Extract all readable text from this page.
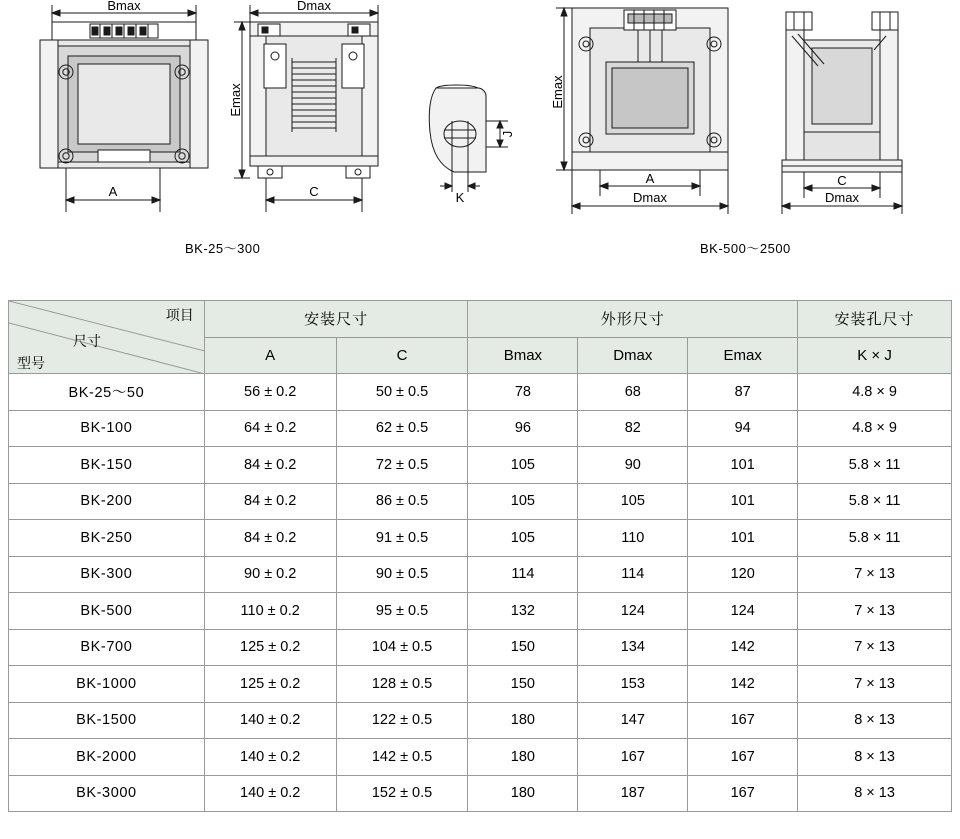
Bmax
A
Dmax
Emax
C
J
K
Emax
A
Dmax
C
Dmax
BK-25～300	BK-500～2500
项目
尺寸
型号	安装尺寸		外形尺寸			安装孔尺寸
	A	C	Bmax	Dmax	Emax	K × J
BK-25～50	56 ± 0.2	50 ± 0.5	78	68	87	4.8 × 9
BK-100	64 ± 0.2	62 ± 0.5	96	82	94	4.8 × 9
BK-150	84 ± 0.2	72 ± 0.5	105	90	101	5.8 × 11
BK-200	84 ± 0.2	86 ± 0.5	105	105	101	5.8 × 11
BK-250	84 ± 0.2	91 ± 0.5	105	110	101	5.8 × 11
BK-300	90 ± 0.2	90 ± 0.5	114	114	120	7 × 13
BK-500	110 ± 0.2	95 ± 0.5	132	124	124	7 × 13
BK-700	125 ± 0.2	104 ± 0.5	150	134	142	7 × 13
BK-1000	125 ± 0.2	128 ± 0.5	150	153	142	7 × 13
BK-1500	140 ± 0.2	122 ± 0.5	180	147	167	8 × 13
BK-2000	140 ± 0.2	142 ± 0.5	180	167	167	8 × 13
BK-3000	140 ± 0.2	152 ± 0.5	180	187	167	8 × 13
